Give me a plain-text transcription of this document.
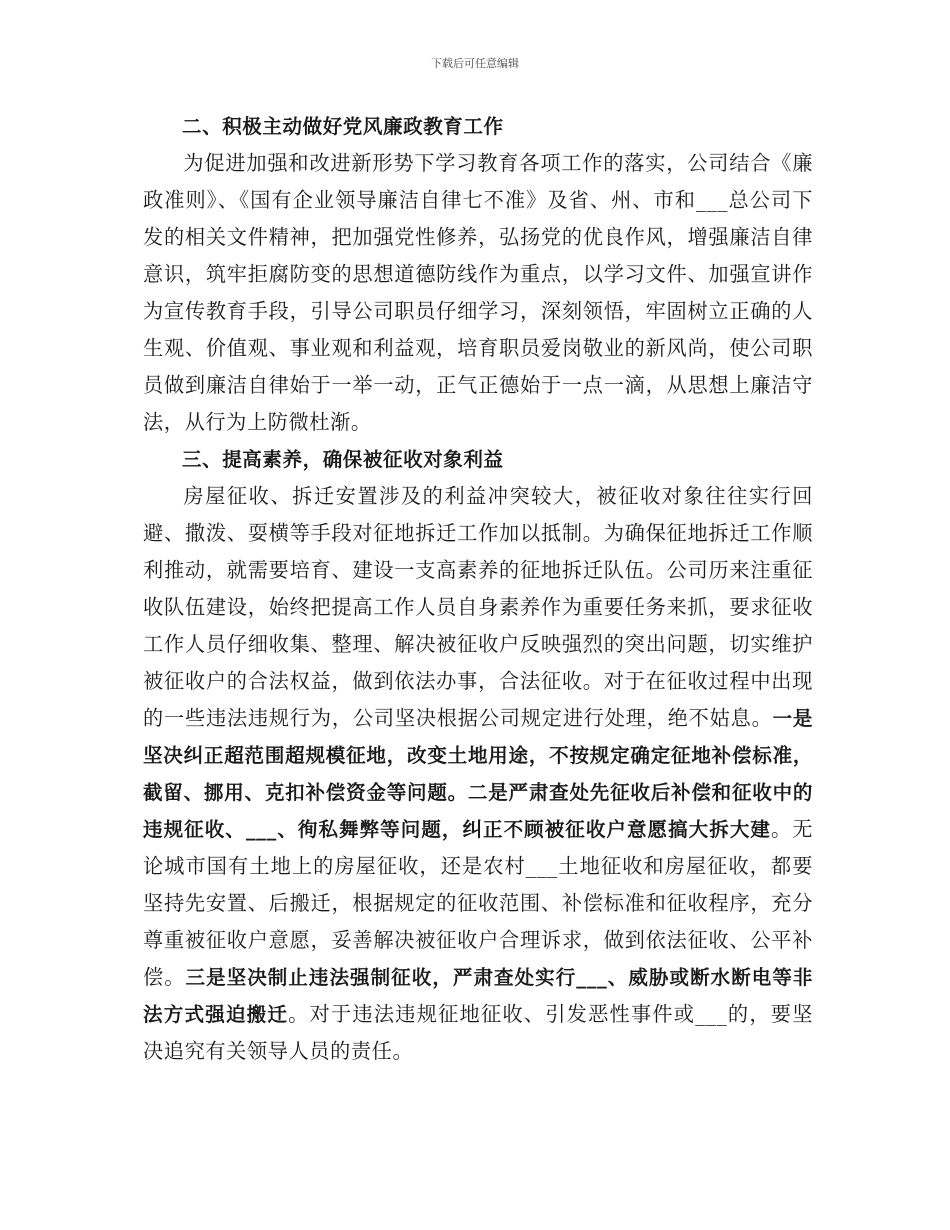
下载后可任意编辑

二、积极主动做好党风廉政教育工作

为促进加强和改进新形势下学习教育各项工作的落实，公司结合《廉政准则》、《国有企业领导廉洁自律七不准》及省、州、市和___总公司下发的相关文件精神，把加强党性修养，弘扬党的优良作风，增强廉洁自律意识，筑牢拒腐防变的思想道德防线作为重点，以学习文件、加强宣讲作为宣传教育手段，引导公司职员仔细学习，深刻领悟，牢固树立正确的人生观、价值观、事业观和利益观，培育职员爱岗敬业的新风尚，使公司职员做到廉洁自律始于一举一动，正气正德始于一点一滴，从思想上廉洁守法，从行为上防微杜渐。

三、提高素养，确保被征收对象利益

房屋征收、拆迁安置涉及的利益冲突较大，被征收对象往往实行回避、撒泼、耍横等手段对征地拆迁工作加以抵制。为确保征地拆迁工作顺利推动，就需要培育、建设一支高素养的征地拆迁队伍。公司历来注重征收队伍建设，始终把提高工作人员自身素养作为重要任务来抓，要求征收工作人员仔细收集、整理、解决被征收户反映强烈的突出问题，切实维护被征收户的合法权益，做到依法办事，合法征收。对于在征收过程中出现的一些违法违规行为，公司坚决根据公司规定进行处理，绝不姑息。一是坚决纠正超范围超规模征地，改变土地用途，不按规定确定征地补偿标准，截留、挪用、克扣补偿资金等问题。二是严肃查处先征收后补偿和征收中的违规征收、___、徇私舞弊等问题，纠正不顾被征收户意愿搞大拆大建。无论城市国有土地上的房屋征收，还是农村___土地征收和房屋征收，都要坚持先安置、后搬迁，根据规定的征收范围、补偿标准和征收程序，充分尊重被征收户意愿，妥善解决被征收户合理诉求，做到依法征收、公平补偿。三是坚决制止违法强制征收，严肃查处实行___、威胁或断水断电等非法方式强迫搬迁。对于违法违规征地征收、引发恶性事件或___的，要坚决追究有关领导人员的责任。
